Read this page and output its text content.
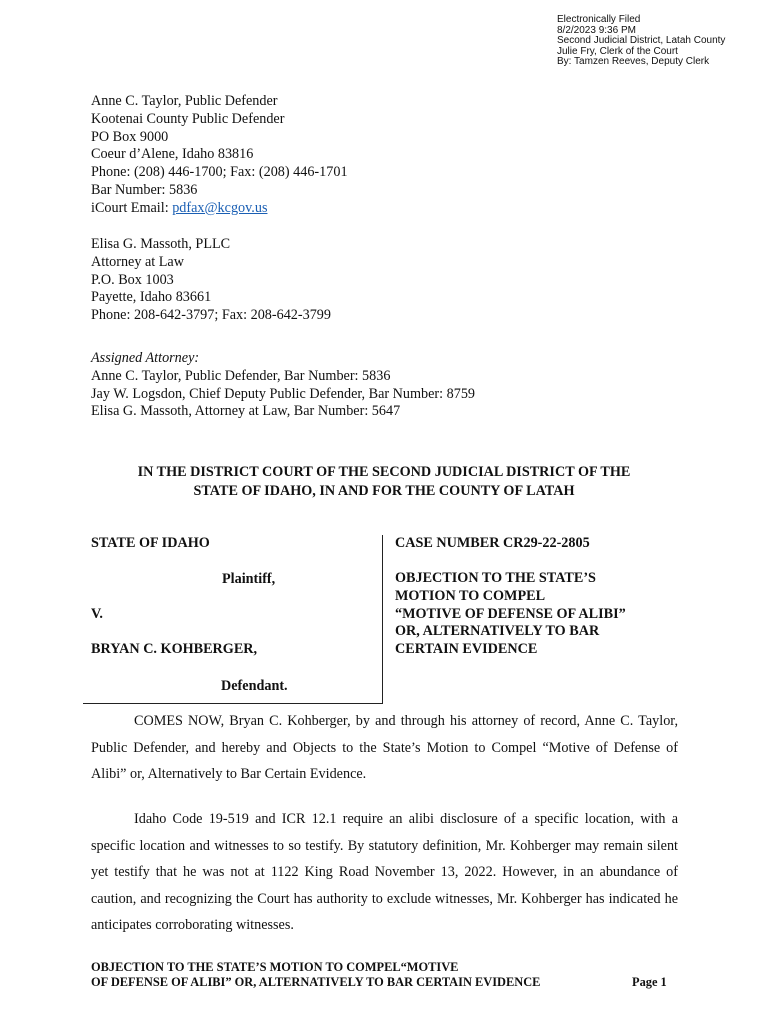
Electronically Filed
8/2/2023 9:36 PM
Second Judicial District, Latah County
Julie Fry, Clerk of the Court
By: Tamzen Reeves, Deputy Clerk
Anne C. Taylor, Public Defender
Kootenai County Public Defender
PO Box 9000
Coeur d’Alene, Idaho 83816
Phone: (208) 446-1700; Fax: (208) 446-1701
Bar Number: 5836
iCourt Email: pdfax@kcgov.us
Elisa G. Massoth, PLLC
Attorney at Law
P.O. Box 1003
Payette, Idaho 83661
Phone: 208-642-3797; Fax: 208-642-3799
Assigned Attorney:
Anne C. Taylor, Public Defender, Bar Number: 5836
Jay W. Logsdon, Chief Deputy Public Defender, Bar Number: 8759
Elisa G. Massoth, Attorney at Law, Bar Number: 5647
IN THE DISTRICT COURT OF THE SECOND JUDICIAL DISTRICT OF THE
STATE OF IDAHO, IN AND FOR THE COUNTY OF LATAH
STATE OF IDAHO
Plaintiff,
V.
BRYAN C. KOHBERGER,
Defendant.
CASE NUMBER CR29-22-2805
OBJECTION TO THE STATE’S
MOTION TO COMPEL
“MOTIVE OF DEFENSE OF ALIBI”
OR, ALTERNATIVELY TO BAR
CERTAIN EVIDENCE

COMES NOW, Bryan C. Kohberger, by and through his attorney of record, Anne C. Taylor, Public Defender, and hereby and Objects to the State’s Motion to Compel “Motive of Defense of Alibi” or, Alternatively to Bar Certain Evidence.

Idaho Code 19-519 and ICR 12.1 require an alibi disclosure of a specific location, with a specific location and witnesses to so testify. By statutory definition, Mr. Kohberger may remain silent yet testify that he was not at 1122 King Road November 13, 2022. However, in an abundance of caution, and recognizing the Court has authority to exclude witnesses, Mr. Kohberger has indicated he anticipates corroborating witnesses.

OBJECTION TO THE STATE’S MOTION TO COMPEL“MOTIVE
OF DEFENSE OF ALIBI” OR, ALTERNATIVELY TO BAR CERTAIN EVIDENCE	Page 1
